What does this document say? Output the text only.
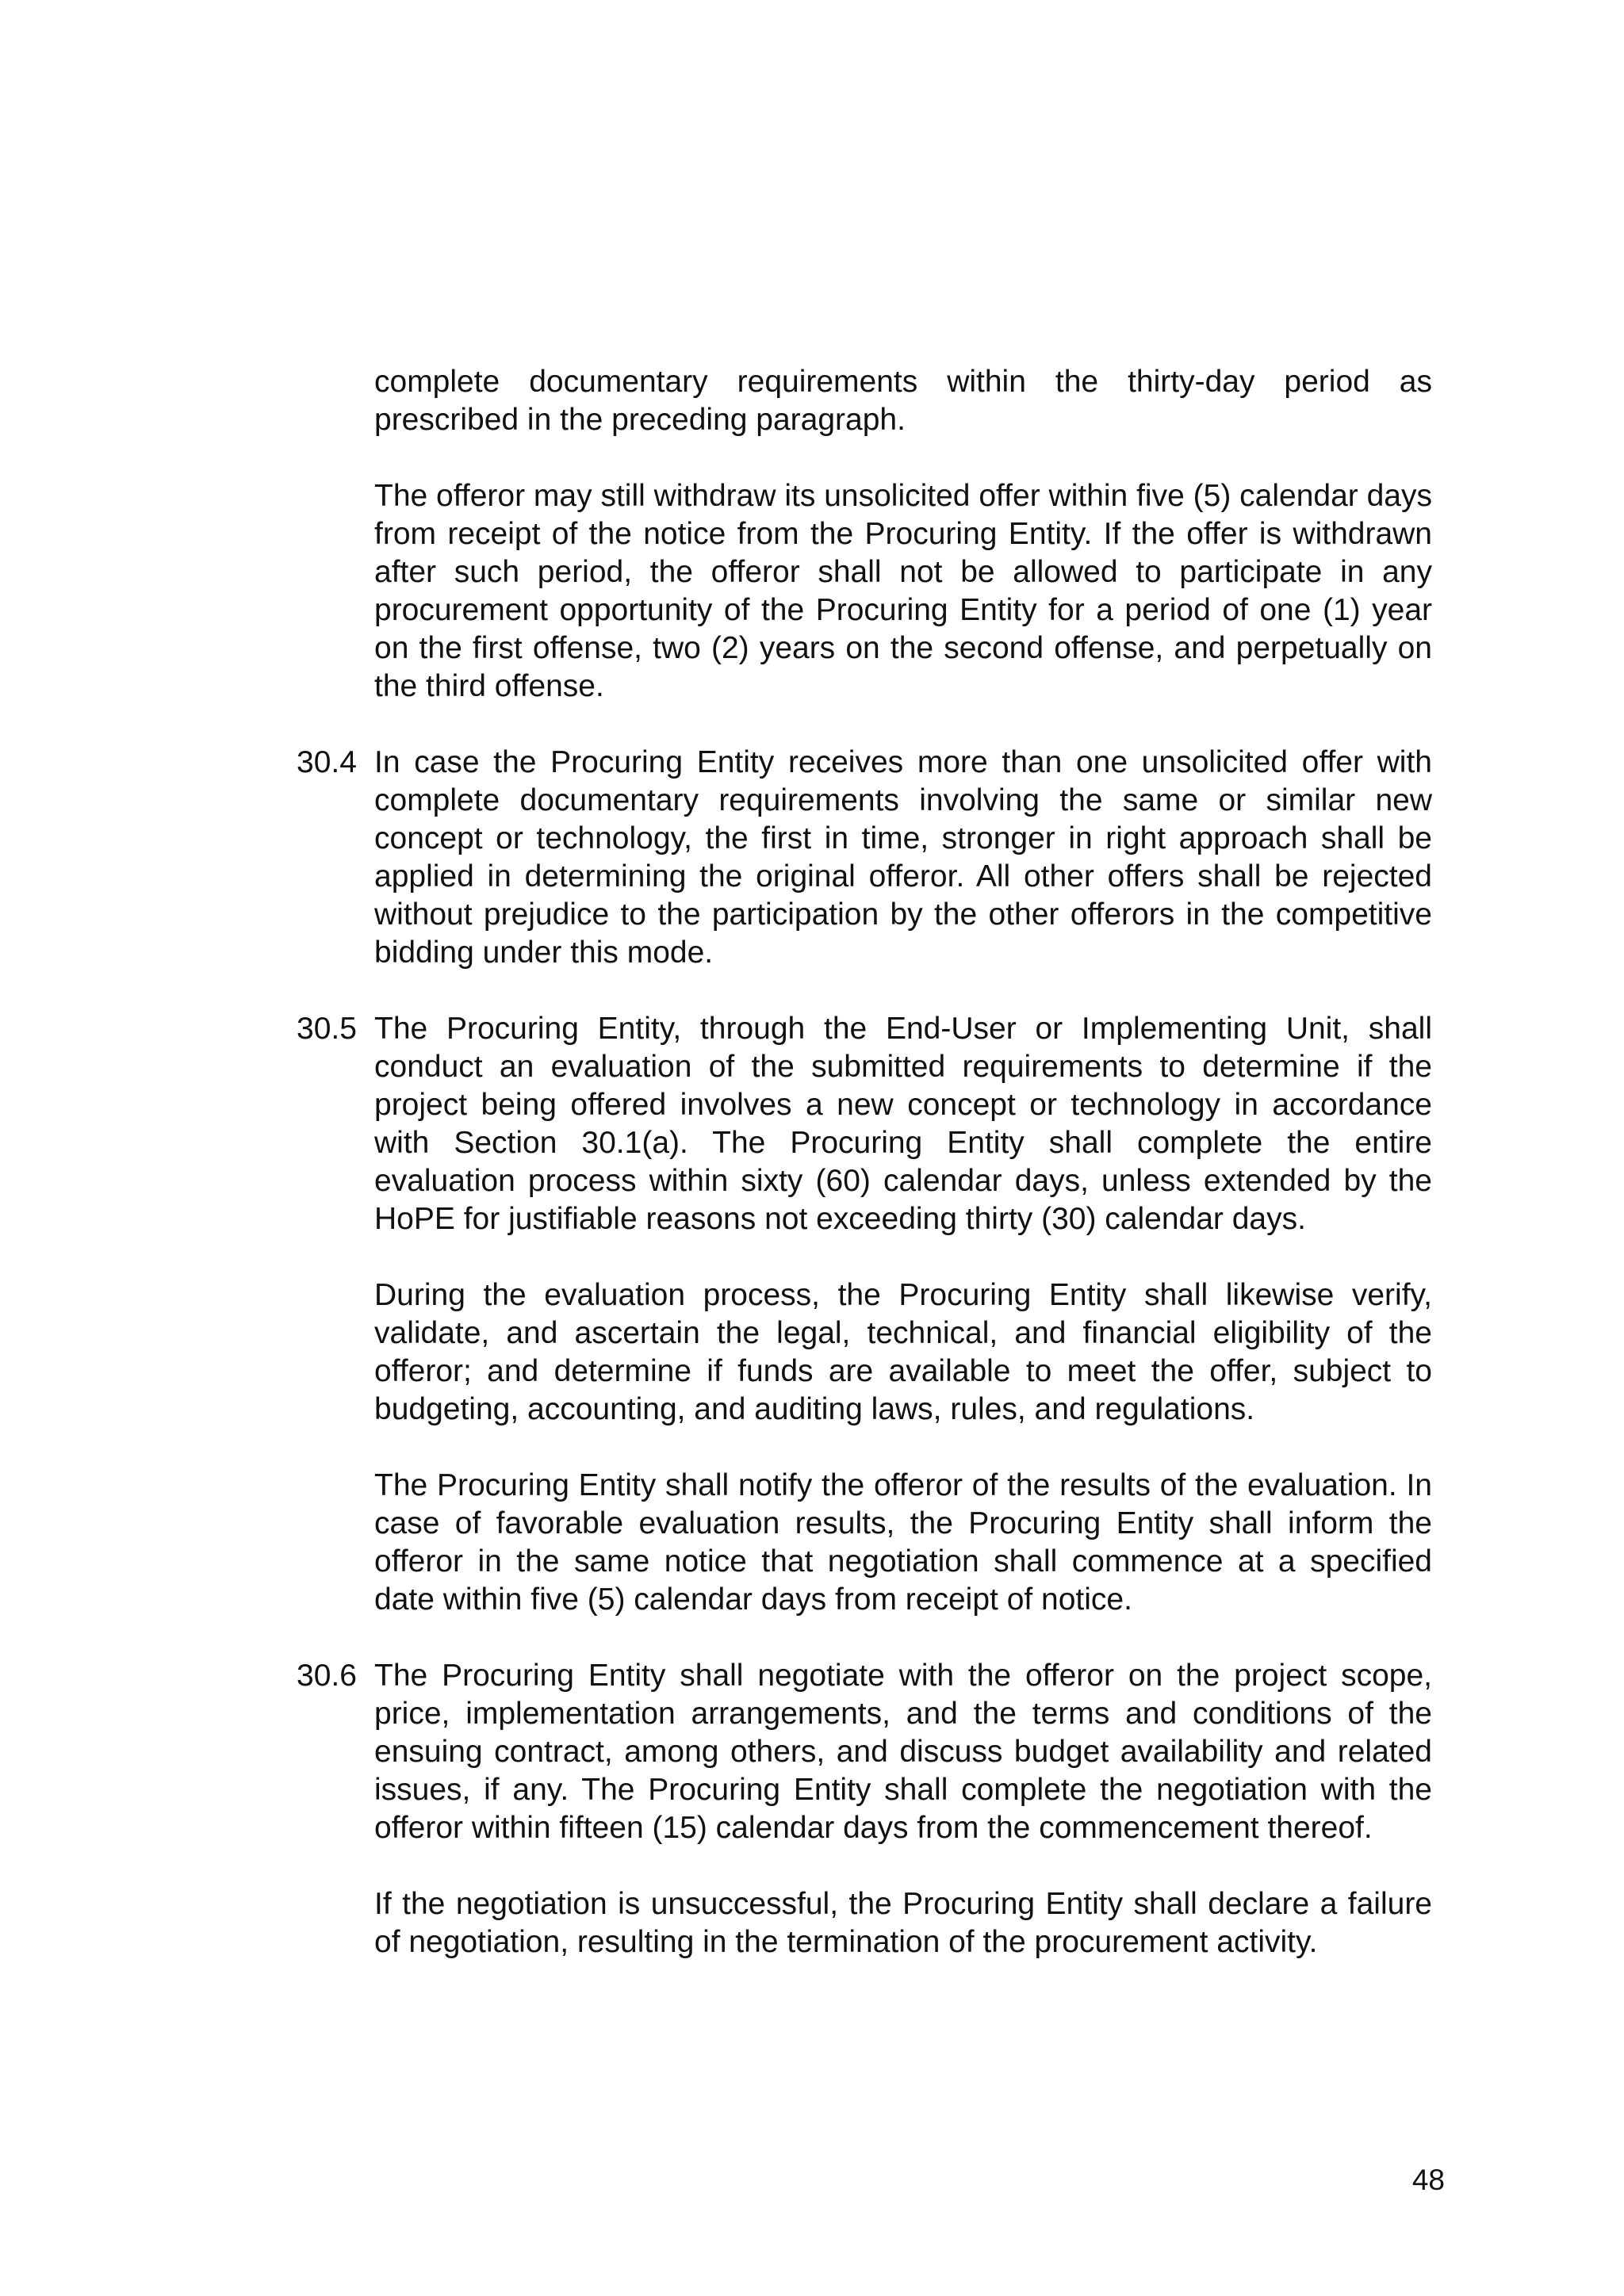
complete documentary requirements within the thirty-day period as prescribed in the preceding paragraph.

The offeror may still withdraw its unsolicited offer within five (5) calendar days from receipt of the notice from the Procuring Entity. If the offer is withdrawn after such period, the offeror shall not be allowed to participate in any procurement opportunity of the Procuring Entity for a period of one (1) year on the first offense, two (2) years on the second offense, and perpetually on the third offense.

30.4 In case the Procuring Entity receives more than one unsolicited offer with complete documentary requirements involving the same or similar new concept or technology, the first in time, stronger in right approach shall be applied in determining the original offeror. All other offers shall be rejected without prejudice to the participation by the other offerors in the competitive bidding under this mode.

30.5 The Procuring Entity, through the End-User or Implementing Unit, shall conduct an evaluation of the submitted requirements to determine if the project being offered involves a new concept or technology in accordance with Section 30.1(a). The Procuring Entity shall complete the entire evaluation process within sixty (60) calendar days, unless extended by the HoPE for justifiable reasons not exceeding thirty (30) calendar days.

During the evaluation process, the Procuring Entity shall likewise verify, validate, and ascertain the legal, technical, and financial eligibility of the offeror; and determine if funds are available to meet the offer, subject to budgeting, accounting, and auditing laws, rules, and regulations.

The Procuring Entity shall notify the offeror of the results of the evaluation. In case of favorable evaluation results, the Procuring Entity shall inform the offeror in the same notice that negotiation shall commence at a specified date within five (5) calendar days from receipt of notice.

30.6 The Procuring Entity shall negotiate with the offeror on the project scope, price, implementation arrangements, and the terms and conditions of the ensuing contract, among others, and discuss budget availability and related issues, if any. The Procuring Entity shall complete the negotiation with the offeror within fifteen (15) calendar days from the commencement thereof.

If the negotiation is unsuccessful, the Procuring Entity shall declare a failure of negotiation, resulting in the termination of the procurement activity.

48
